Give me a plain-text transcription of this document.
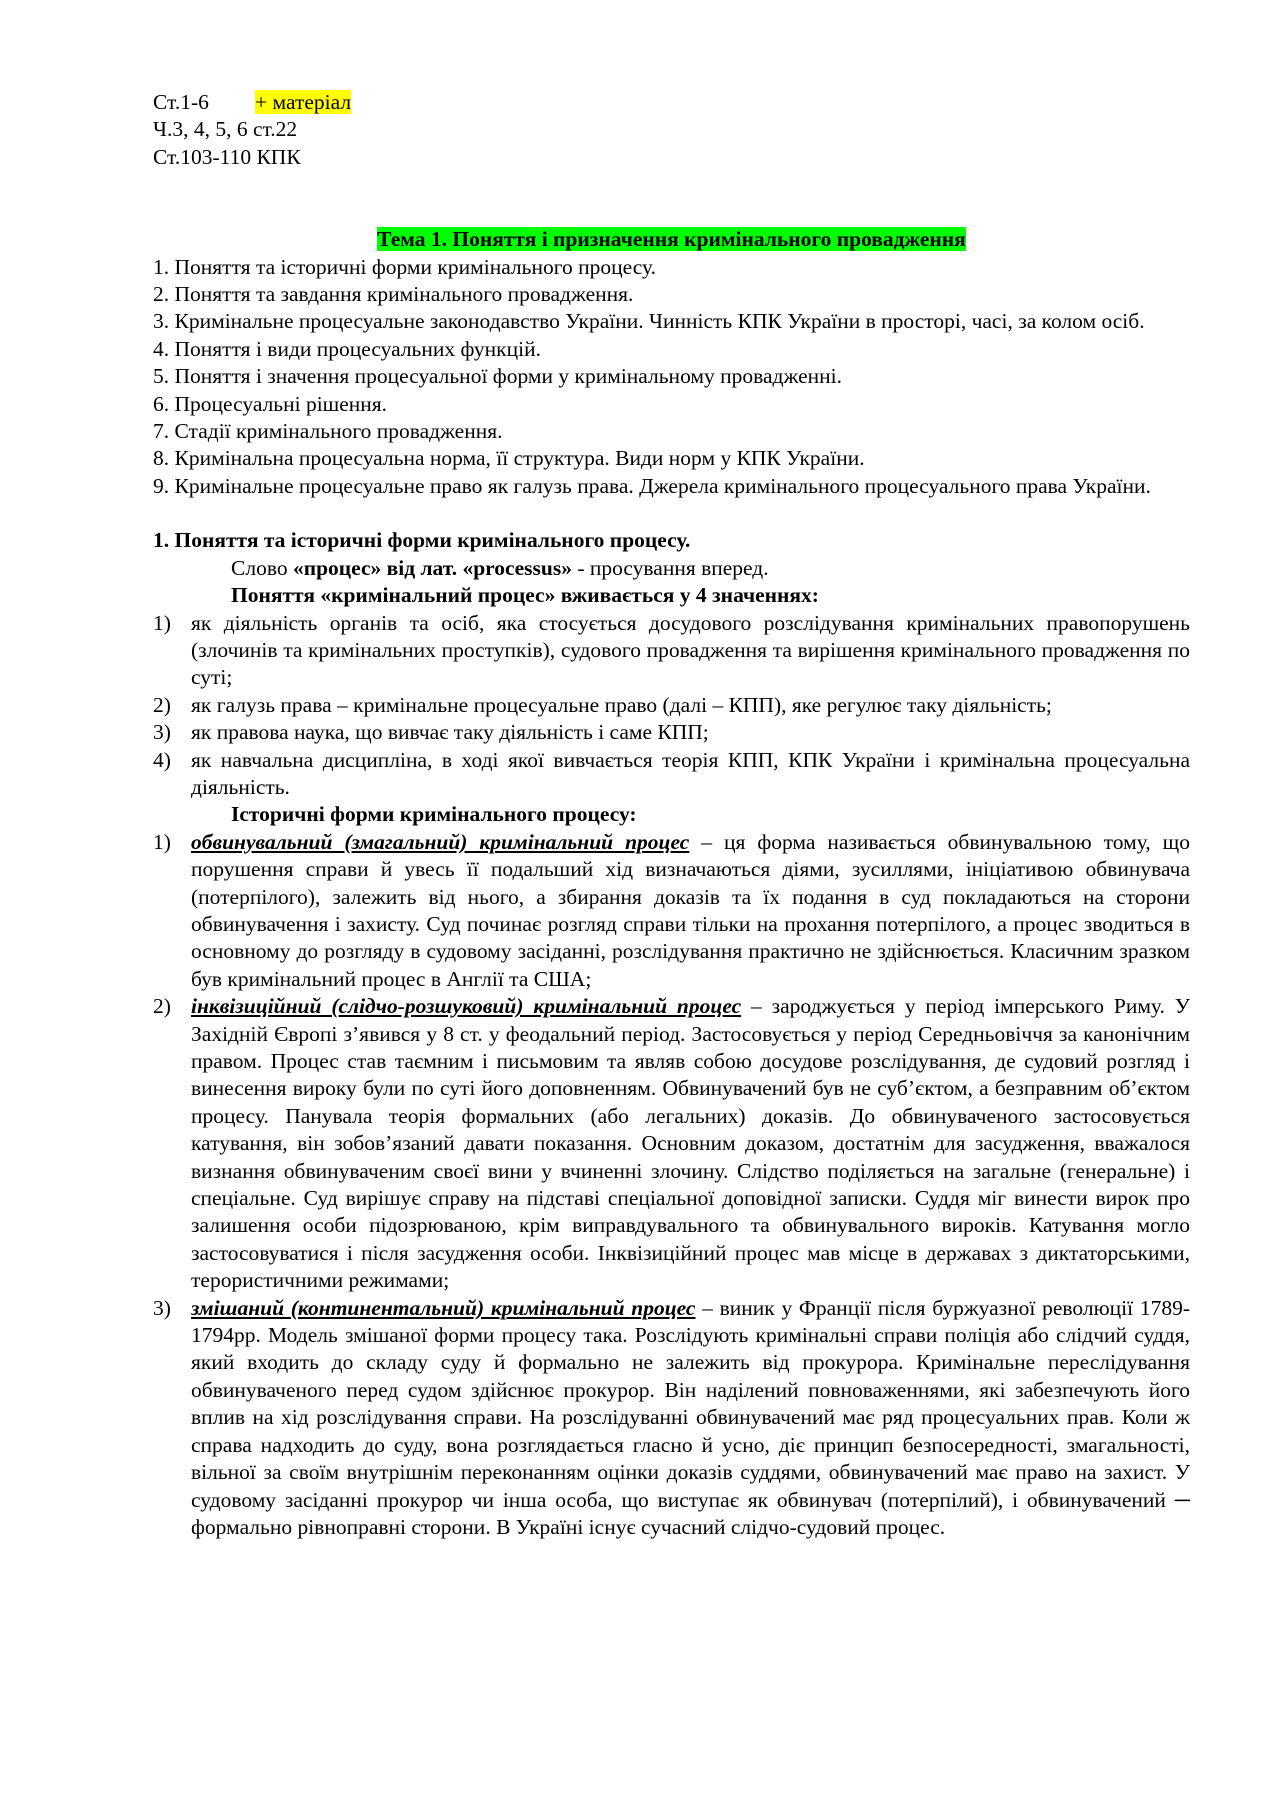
Ст.1-6 + матеріал

Ч.3, 4, 5, 6 ст.22

Ст.103-110 КПК

Тема 1. Поняття і призначення кримінального провадження

1. Поняття та історичні форми кримінального процесу.

2. Поняття та завдання кримінального провадження.

3. Кримінальне процесуальне законодавство України. Чинність КПК України в просторі, часі, за колом осіб.

4. Поняття і види процесуальних функцій.

5. Поняття і значення процесуальної форми у кримінальному провадженні.

6. Процесуальні рішення.

7. Стадії кримінального провадження.

8. Кримінальна процесуальна норма, її структура. Види норм у КПК України.

9. Кримінальне процесуальне право як галузь права. Джерела кримінального процесуального права України.

1. Поняття та історичні форми кримінального процесу.

Слово «процес» від лат. «processus» - просування вперед.

Поняття «кримінальний процес» вживається у 4 значеннях:

1) як діяльність органів та осіб, яка стосується досудового розслідування кримінальних правопорушень (злочинів та кримінальних проступків), судового провадження та вирішення кримінального провадження по суті;
2) як галузь права – кримінальне процесуальне право (далі – КПП), яке регулює таку діяльність;
3) як правова наука, що вивчає таку діяльність і саме КПП;
4) як навчальна дисципліна, в ході якої вивчається теорія КПП, КПК України і кримінальна процесуальна діяльність.

Історичні форми кримінального процесу:

1) обвинувальний (змагальний) кримінальний процес – ця форма називається обвинувальною тому, що порушення справи й увесь її подальший хід визначаються діями, зусиллями, ініціативою обвинувача (потерпілого), залежить від нього, а збирання доказів та їх подання в суд покладаються на сторони обвинувачення і захисту. Суд починає розгляд справи тільки на прохання потерпілого, а процес зводиться в основному до розгляду в судовому засіданні, розслідування практично не здійснюється. Класичним зразком був кримінальний процес в Англії та США;
2) інквізиційний (слідчо-розшуковий) кримінальний процес – зароджується у період імперського Риму. У Західній Європі з’явився у 8 ст. у феодальний період. Застосовується у період Середньовіччя за канонічним правом. Процес став таємним і письмовим та являв собою досудове розслідування, де судовий розгляд і винесення вироку були по суті його доповненням. Обвинувачений був не суб’єктом, а безправним об’єктом процесу. Панувала теорія формальних (або легальних) доказів. До обвинуваченого застосовується катування, він зобов’язаний давати показання. Основним доказом, достатнім для засудження, вважалося визнання обвинуваченим своєї вини у вчиненні злочину. Слідство поділяється на загальне (генеральне) і спеціальне. Суд вирішує справу на підставі спеціальної доповідної записки. Суддя міг винести вирок про залишення особи підозрюваною, крім виправдувального та обвинувального вироків. Катування могло застосовуватися і після засудження особи. Інквізиційний процес мав місце в державах з диктаторськими, терористичними режимами;
3) змішаний (континентальний) кримінальний процес – виник у Франції після буржуазної революції 1789-1794рр. Модель змішаної форми процесу така. Розслідують кримінальні справи поліція або слідчий суддя, який входить до складу суду й формально не залежить від прокурора. Кримінальне переслідування обвинуваченого перед судом здійснює прокурор. Він наділений повноваженнями, які забезпечують його вплив на хід розслідування справи. На розслідуванні обвинувачений має ряд процесуальних прав. Коли ж справа надходить до суду, вона розглядається гласно й усно, діє принцип безпосередності, змагальності, вільної за своїм внутрішнім переконанням оцінки доказів суддями, обвинувачений має право на захист. У судовому засіданні прокурор чи інша особа, що виступає як обвинувач (потерпілий), і обвинувачений ─ формально рівноправні сторони. В Україні існує сучасний слідчо-судовий процес.
